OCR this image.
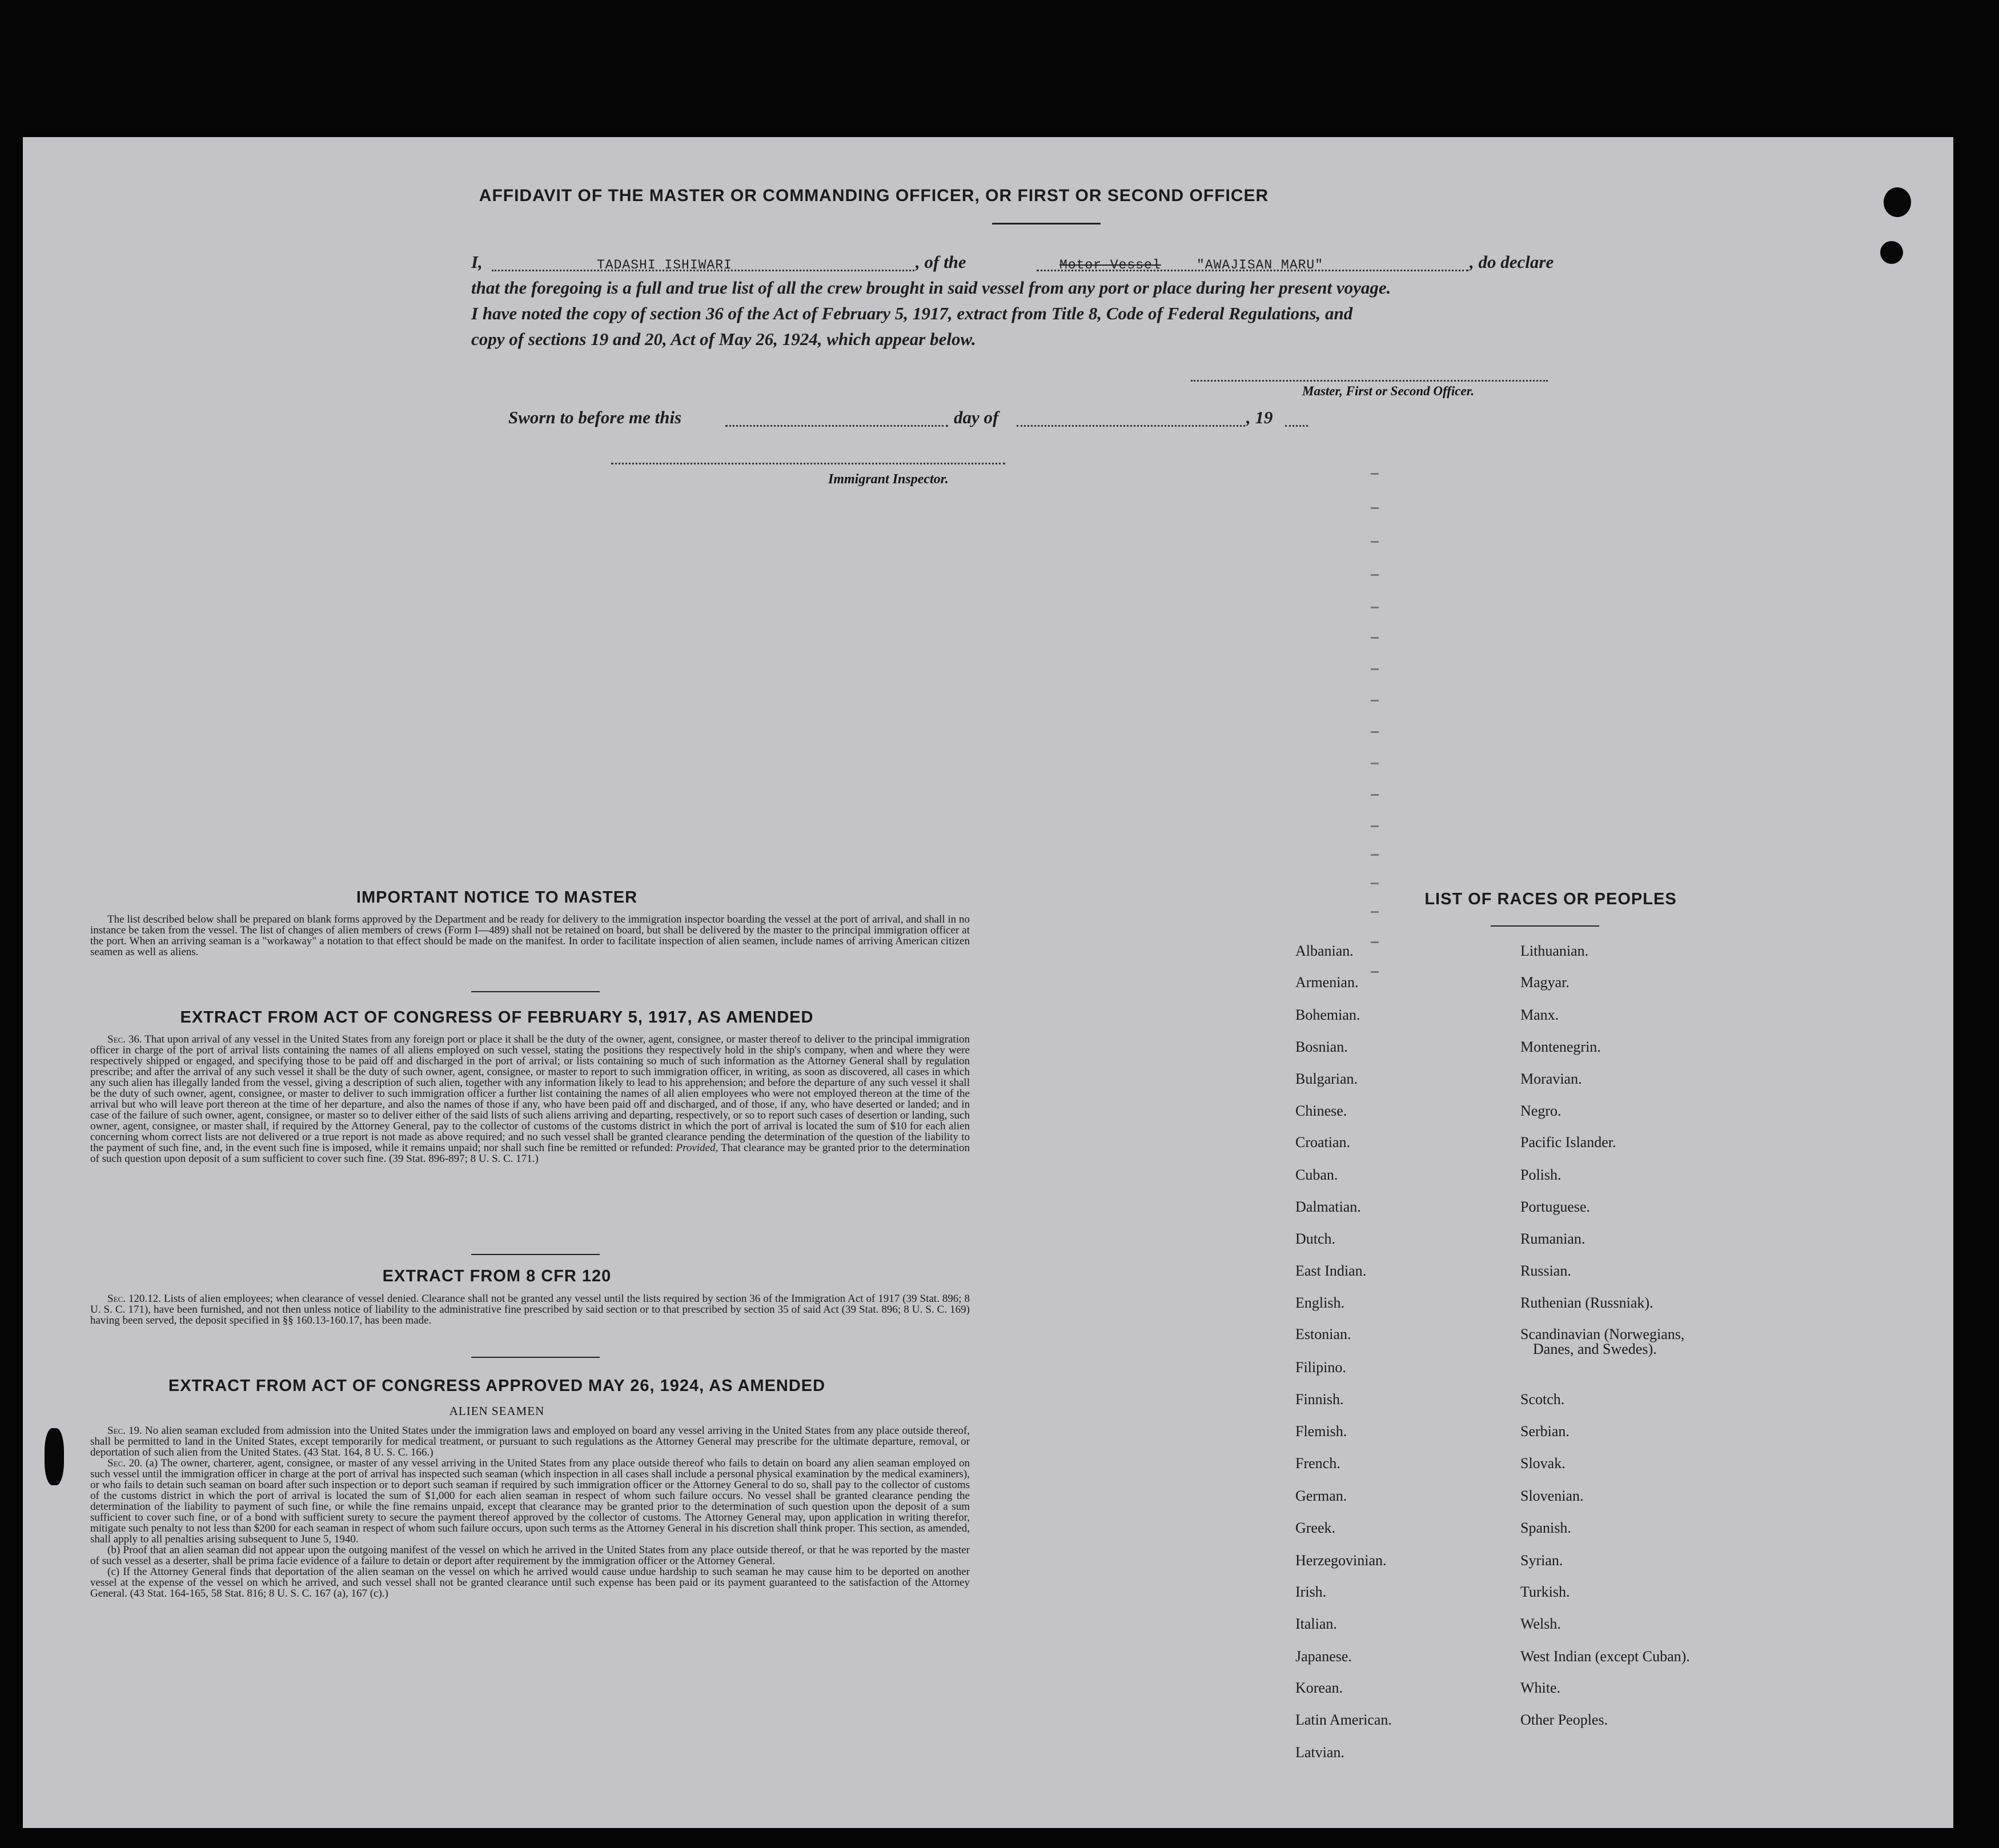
AFFIDAVIT OF THE MASTER OR COMMANDING OFFICER, OR FIRST OR SECOND OFFICER
I,	TADASHI ISHIWARI	, of the	Motor Vessel	"AWAJISAN MARU"	, do declare
that the foregoing is a full and true list of all the crew brought in said vessel from any port or place during her present voyage.
I have noted the copy of section 36 of the Act of February 5, 1917, extract from Title 8, Code of Federal Regulations, and
copy of sections 19 and 20, Act of May 26, 1924, which appear below.
Master, First or Second Officer.
Sworn to before me this	day of	, 19
Immigrant Inspector.
IMPORTANT NOTICE TO MASTER

The list described below shall be prepared on blank forms approved by the Department and be ready for delivery to the immigration inspector boarding the vessel at the port of arrival, and shall in no instance be taken from the vessel. The list of changes of alien members of crews (Form I—489) shall not be retained on board, but shall be delivered by the master to the principal immigration officer at the port. When an arriving seaman is a "workaway" a notation to that effect should be made on the manifest. In order to facilitate inspection of alien seamen, include names of arriving American citizen seamen as well as aliens.

EXTRACT FROM ACT OF CONGRESS OF FEBRUARY 5, 1917, AS AMENDED

Sec. 36. That upon arrival of any vessel in the United States from any foreign port or place it shall be the duty of the owner, agent, consignee, or master thereof to deliver to the principal immigration officer in charge of the port of arrival lists containing the names of all aliens employed on such vessel, stating the positions they respectively hold in the ship's company, when and where they were respectively shipped or engaged, and specifying those to be paid off and discharged in the port of arrival; or lists containing so much of such information as the Attorney General shall by regulation prescribe; and after the arrival of any such vessel it shall be the duty of such owner, agent, consignee, or master to report to such immigration officer, in writing, as soon as discovered, all cases in which any such alien has illegally landed from the vessel, giving a description of such alien, together with any information likely to lead to his apprehension; and before the departure of any such vessel it shall be the duty of such owner, agent, consignee, or master to deliver to such immigration officer a further list containing the names of all alien employees who were not employed thereon at the time of the arrival but who will leave port thereon at the time of her departure, and also the names of those if any, who have been paid off and discharged, and of those, if any, who have deserted or landed; and in case of the failure of such owner, agent, consignee, or master so to deliver either of the said lists of such aliens arriving and departing, respectively, or so to report such cases of desertion or landing, such owner, agent, consignee, or master shall, if required by the Attorney General, pay to the collector of customs of the customs district in which the port of arrival is located the sum of $10 for each alien concerning whom correct lists are not delivered or a true report is not made as above required; and no such vessel shall be granted clearance pending the determination of the question of the liability to the payment of such fine, and, in the event such fine is imposed, while it remains unpaid; nor shall such fine be remitted or refunded: Provided, That clearance may be granted prior to the determination of such question upon deposit of a sum sufficient to cover such fine. (39 Stat. 896-897; 8 U. S. C. 171.)

EXTRACT FROM 8 CFR 120

Sec. 120.12. Lists of alien employees; when clearance of vessel denied. Clearance shall not be granted any vessel until the lists required by section 36 of the Immigration Act of 1917 (39 Stat. 896; 8 U. S. C. 171), have been furnished, and not then unless notice of liability to the administrative fine prescribed by said section or to that prescribed by section 35 of said Act (39 Stat. 896; 8 U. S. C. 169) having been served, the deposit specified in §§ 160.13-160.17, has been made.

EXTRACT FROM ACT OF CONGRESS APPROVED MAY 26, 1924, AS AMENDED
ALIEN SEAMEN

Sec. 19. No alien seaman excluded from admission into the United States under the immigration laws and employed on board any vessel arriving in the United States from any place outside thereof, shall be permitted to land in the United States, except temporarily for medical treatment, or pursuant to such regulations as the Attorney General may prescribe for the ultimate departure, removal, or deportation of such alien from the United States. (43 Stat. 164, 8 U. S. C. 166.)

Sec. 20. (a) The owner, charterer, agent, consignee, or master of any vessel arriving in the United States from any place outside thereof who fails to detain on board any alien seaman employed on such vessel until the immigration officer in charge at the port of arrival has inspected such seaman (which inspection in all cases shall include a personal physical examination by the medical examiners), or who fails to detain such seaman on board after such inspection or to deport such seaman if required by such immigration officer or the Attorney General to do so, shall pay to the collector of customs of the customs district in which the port of arrival is located the sum of $1,000 for each alien seaman in respect of whom such failure occurs. No vessel shall be granted clearance pending the determination of the liability to payment of such fine, or while the fine remains unpaid, except that clearance may be granted prior to the determination of such question upon the deposit of a sum sufficient to cover such fine, or of a bond with sufficient surety to secure the payment thereof approved by the collector of customs. The Attorney General may, upon application in writing therefor, mitigate such penalty to not less than $200 for each seaman in respect of whom such failure occurs, upon such terms as the Attorney General in his discretion shall think proper. This section, as amended, shall apply to all penalties arising subsequent to June 5, 1940.

(b) Proof that an alien seaman did not appear upon the outgoing manifest of the vessel on which he arrived in the United States from any place outside thereof, or that he was reported by the master of such vessel as a deserter, shall be prima facie evidence of a failure to detain or deport after requirement by the immigration officer or the Attorney General.

(c) If the Attorney General finds that deportation of the alien seaman on the vessel on which he arrived would cause undue hardship to such seaman he may cause him to be deported on another vessel at the expense of the vessel on which he arrived, and such vessel shall not be granted clearance until such expense has been paid or its payment guaranteed to the satisfaction of the Attorney General. (43 Stat. 164-165, 58 Stat. 816; 8 U. S. C. 167 (a), 167 (c).)

LIST OF RACES OR PEOPLES
Albanian.
Armenian.
Bohemian.
Bosnian.
Bulgarian.
Chinese.
Croatian.
Cuban.
Dalmatian.
Dutch.
East Indian.
English.
Estonian.
Filipino.
Finnish.
Flemish.
French.
German.
Greek.
Herzegovinian.
Irish.
Italian.
Japanese.
Korean.
Latin American.
Latvian.
Lithuanian.
Magyar.
Manx.
Montenegrin.
Moravian.
Negro.
Pacific Islander.
Polish.
Portuguese.
Rumanian.
Russian.
Ruthenian (Russniak).
Scandinavian (Norwegians,
Danes, and Swedes).
Scotch.
Serbian.
Slovak.
Slovenian.
Spanish.
Syrian.
Turkish.
Welsh.
West Indian (except Cuban).
White.
Other Peoples.
